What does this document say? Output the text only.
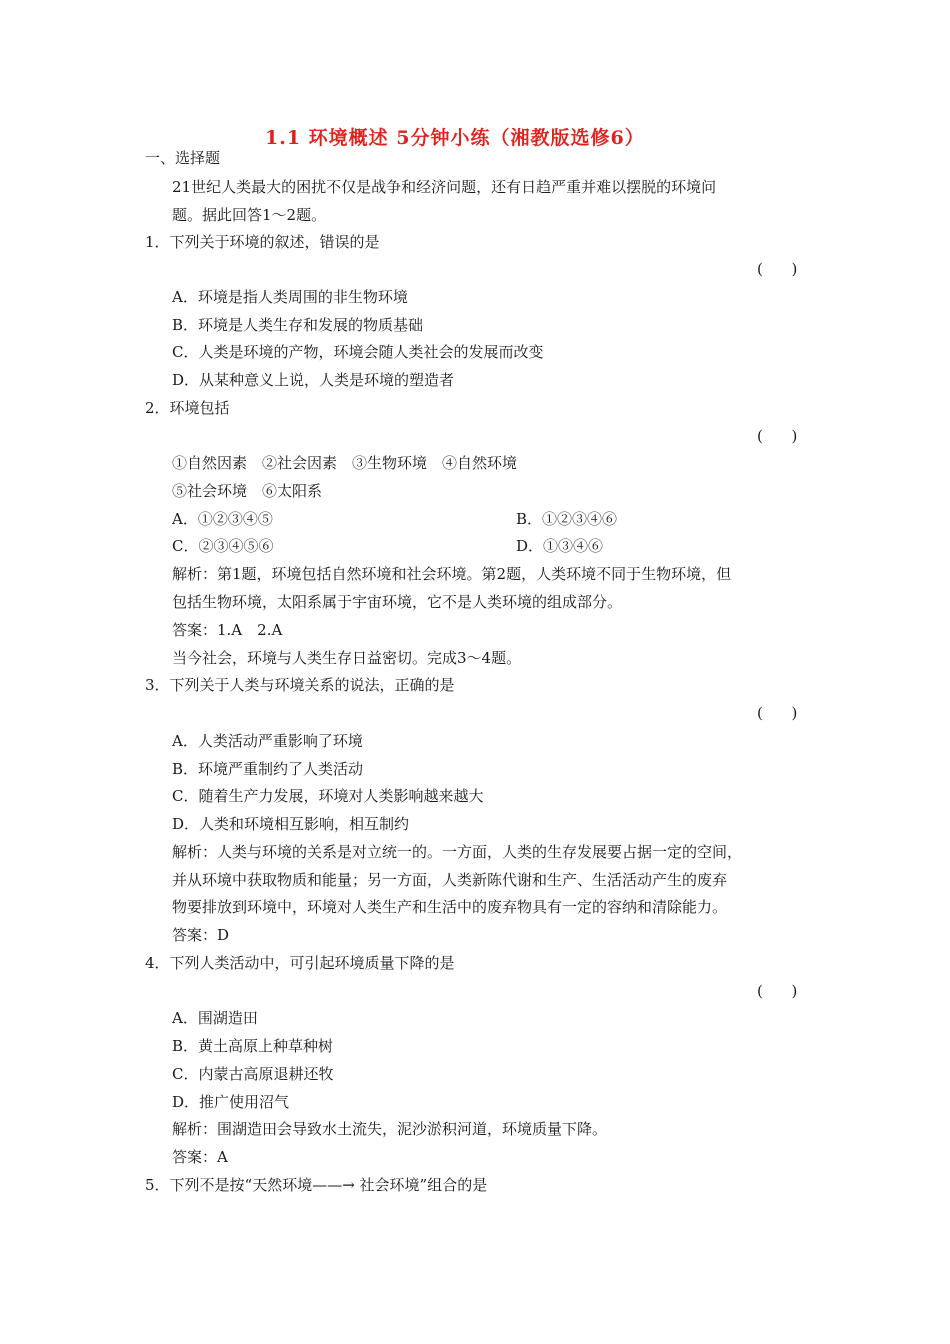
1.1 环境概述 5分钟小练（湘教版选修6）
一、选择题
21世纪人类最大的困扰不仅是战争和经济问题，还有日趋严重并难以摆脱的环境问
题。据此回答1～2题。
1．下列关于环境的叙述，错误的是
(      )
A．环境是指人类周围的非生物环境
B．环境是人类生存和发展的物质基础
C．人类是环境的产物，环境会随人类社会的发展而改变
D．从某种意义上说，人类是环境的塑造者
2．环境包括
(      )
①自然因素　②社会因素　③生物环境　④自然环境
⑤社会环境　⑥太阳系
A．①②③④⑤	B．①②③④⑥
C．②③④⑤⑥	D．①③④⑥
解析：第1题，环境包括自然环境和社会环境。第2题，人类环境不同于生物环境，但
包括生物环境，太阳系属于宇宙环境，它不是人类环境的组成部分。
答案：1.A　2.A
当今社会，环境与人类生存日益密切。完成3～4题。
3．下列关于人类与环境关系的说法，正确的是
(      )
A．人类活动严重影响了环境
B．环境严重制约了人类活动
C．随着生产力发展，环境对人类影响越来越大
D．人类和环境相互影响，相互制约
解析：人类与环境的关系是对立统一的。一方面，人类的生存发展要占据一定的空间，
并从环境中获取物质和能量；另一方面，人类新陈代谢和生产、生活活动产生的废弃
物要排放到环境中，环境对人类生产和生活中的废弃物具有一定的容纳和清除能力。
答案：D
4．下列人类活动中，可引起环境质量下降的是
(      )
A．围湖造田
B．黄土高原上种草种树
C．内蒙古高原退耕还牧
D．推广使用沼气
解析：围湖造田会导致水土流失，泥沙淤积河道，环境质量下降。
答案：A
5．下列不是按“天然环境——→ 社会环境”组合的是
